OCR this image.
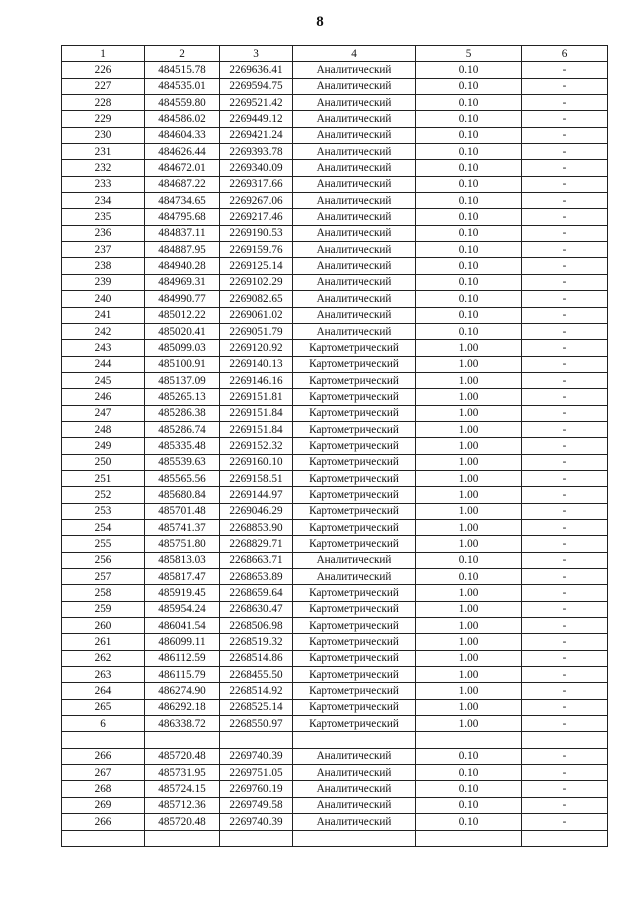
8
1	2	3	4	5	6
226	484515.78	2269636.41	Аналитический	0.10	-
227	484535.01	2269594.75	Аналитический	0.10	-
228	484559.80	2269521.42	Аналитический	0.10	-
229	484586.02	2269449.12	Аналитический	0.10	-
230	484604.33	2269421.24	Аналитический	0.10	-
231	484626.44	2269393.78	Аналитический	0.10	-
232	484672.01	2269340.09	Аналитический	0.10	-
233	484687.22	2269317.66	Аналитический	0.10	-
234	484734.65	2269267.06	Аналитический	0.10	-
235	484795.68	2269217.46	Аналитический	0.10	-
236	484837.11	2269190.53	Аналитический	0.10	-
237	484887.95	2269159.76	Аналитический	0.10	-
238	484940.28	2269125.14	Аналитический	0.10	-
239	484969.31	2269102.29	Аналитический	0.10	-
240	484990.77	2269082.65	Аналитический	0.10	-
241	485012.22	2269061.02	Аналитический	0.10	-
242	485020.41	2269051.79	Аналитический	0.10	-
243	485099.03	2269120.92	Картометрический	1.00	-
244	485100.91	2269140.13	Картометрический	1.00	-
245	485137.09	2269146.16	Картометрический	1.00	-
246	485265.13	2269151.81	Картометрический	1.00	-
247	485286.38	2269151.84	Картометрический	1.00	-
248	485286.74	2269151.84	Картометрический	1.00	-
249	485335.48	2269152.32	Картометрический	1.00	-
250	485539.63	2269160.10	Картометрический	1.00	-
251	485565.56	2269158.51	Картометрический	1.00	-
252	485680.84	2269144.97	Картометрический	1.00	-
253	485701.48	2269046.29	Картометрический	1.00	-
254	485741.37	2268853.90	Картометрический	1.00	-
255	485751.80	2268829.71	Картометрический	1.00	-
256	485813.03	2268663.71	Аналитический	0.10	-
257	485817.47	2268653.89	Аналитический	0.10	-
258	485919.45	2268659.64	Картометрический	1.00	-
259	485954.24	2268630.47	Картометрический	1.00	-
260	486041.54	2268506.98	Картометрический	1.00	-
261	486099.11	2268519.32	Картометрический	1.00	-
262	486112.59	2268514.86	Картометрический	1.00	-
263	486115.79	2268455.50	Картометрический	1.00	-
264	486274.90	2268514.92	Картометрический	1.00	-
265	486292.18	2268525.14	Картометрический	1.00	-
6	486338.72	2268550.97	Картометрический	1.00	-

266	485720.48	2269740.39	Аналитический	0.10	-
267	485731.95	2269751.05	Аналитический	0.10	-
268	485724.15	2269760.19	Аналитический	0.10	-
269	485712.36	2269749.58	Аналитический	0.10	-
266	485720.48	2269740.39	Аналитический	0.10	-
